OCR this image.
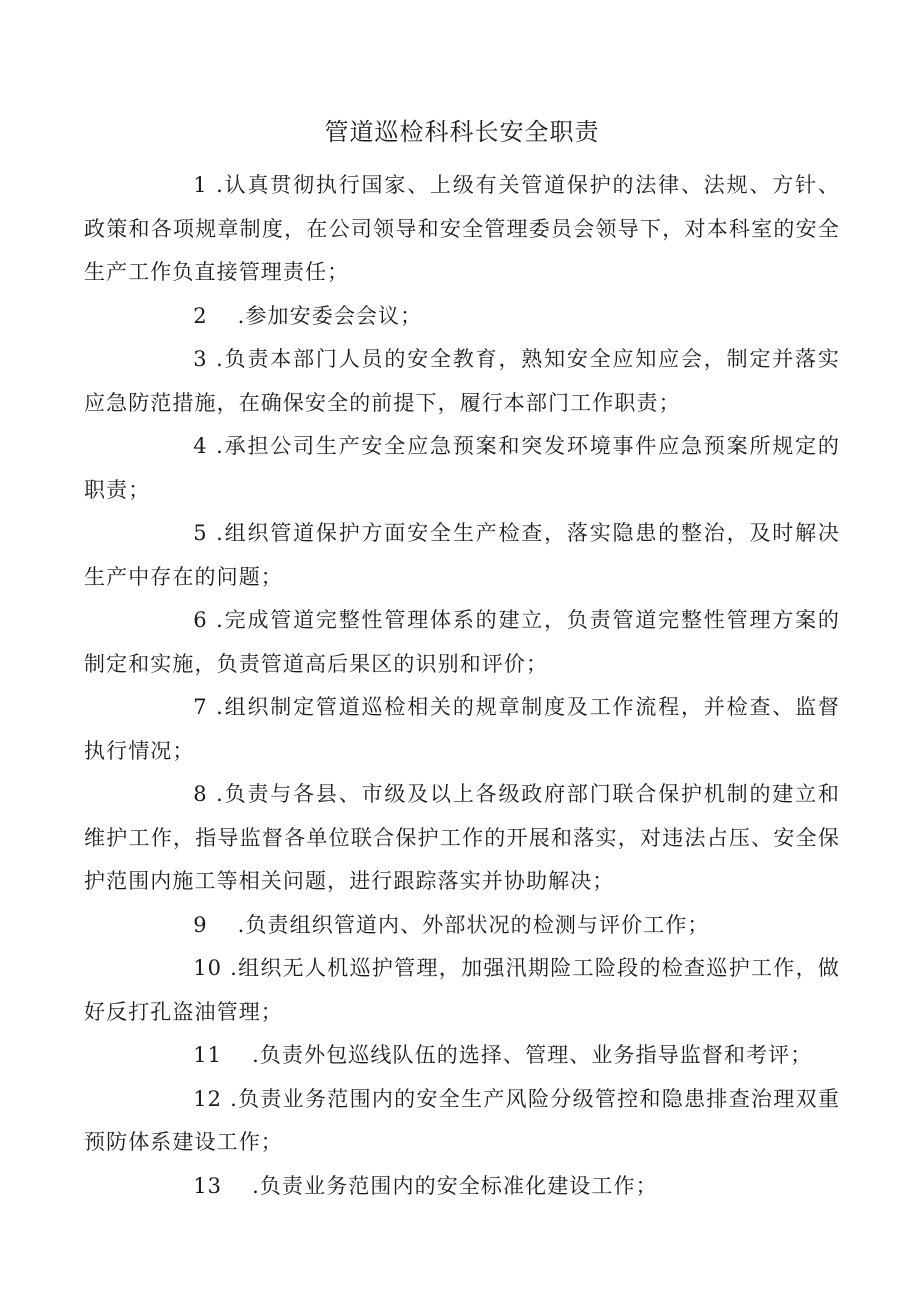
管道巡检科科长安全职责

1 .认真贯彻执行国家、上级有关管道保护的法律、法规、方针、政策和各项规章制度，在公司领导和安全管理委员会领导下，对本科室的安全生产工作负直接管理责任；

2 .参加安委会会议；

3 .负责本部门人员的安全教育，熟知安全应知应会，制定并落实应急防范措施，在确保安全的前提下，履行本部门工作职责；

4 .承担公司生产安全应急预案和突发环境事件应急预案所规定的职责；

5 .组织管道保护方面安全生产检查，落实隐患的整治，及时解决生产中存在的问题；

6 .完成管道完整性管理体系的建立，负责管道完整性管理方案的制定和实施，负责管道高后果区的识别和评价；

7 .组织制定管道巡检相关的规章制度及工作流程，并检查、监督执行情况；

8 .负责与各县、市级及以上各级政府部门联合保护机制的建立和维护工作，指导监督各单位联合保护工作的开展和落实，对违法占压、安全保护范围内施工等相关问题，进行跟踪落实并协助解决；

9 .负责组织管道内、外部状况的检测与评价工作；

10 .组织无人机巡护管理，加强汛期险工险段的检查巡护工作，做好反打孔盗油管理；

11 .负责外包巡线队伍的选择、管理、业务指导监督和考评；

12 .负责业务范围内的安全生产风险分级管控和隐患排查治理双重预防体系建设工作；

13 .负责业务范围内的安全标准化建设工作；
